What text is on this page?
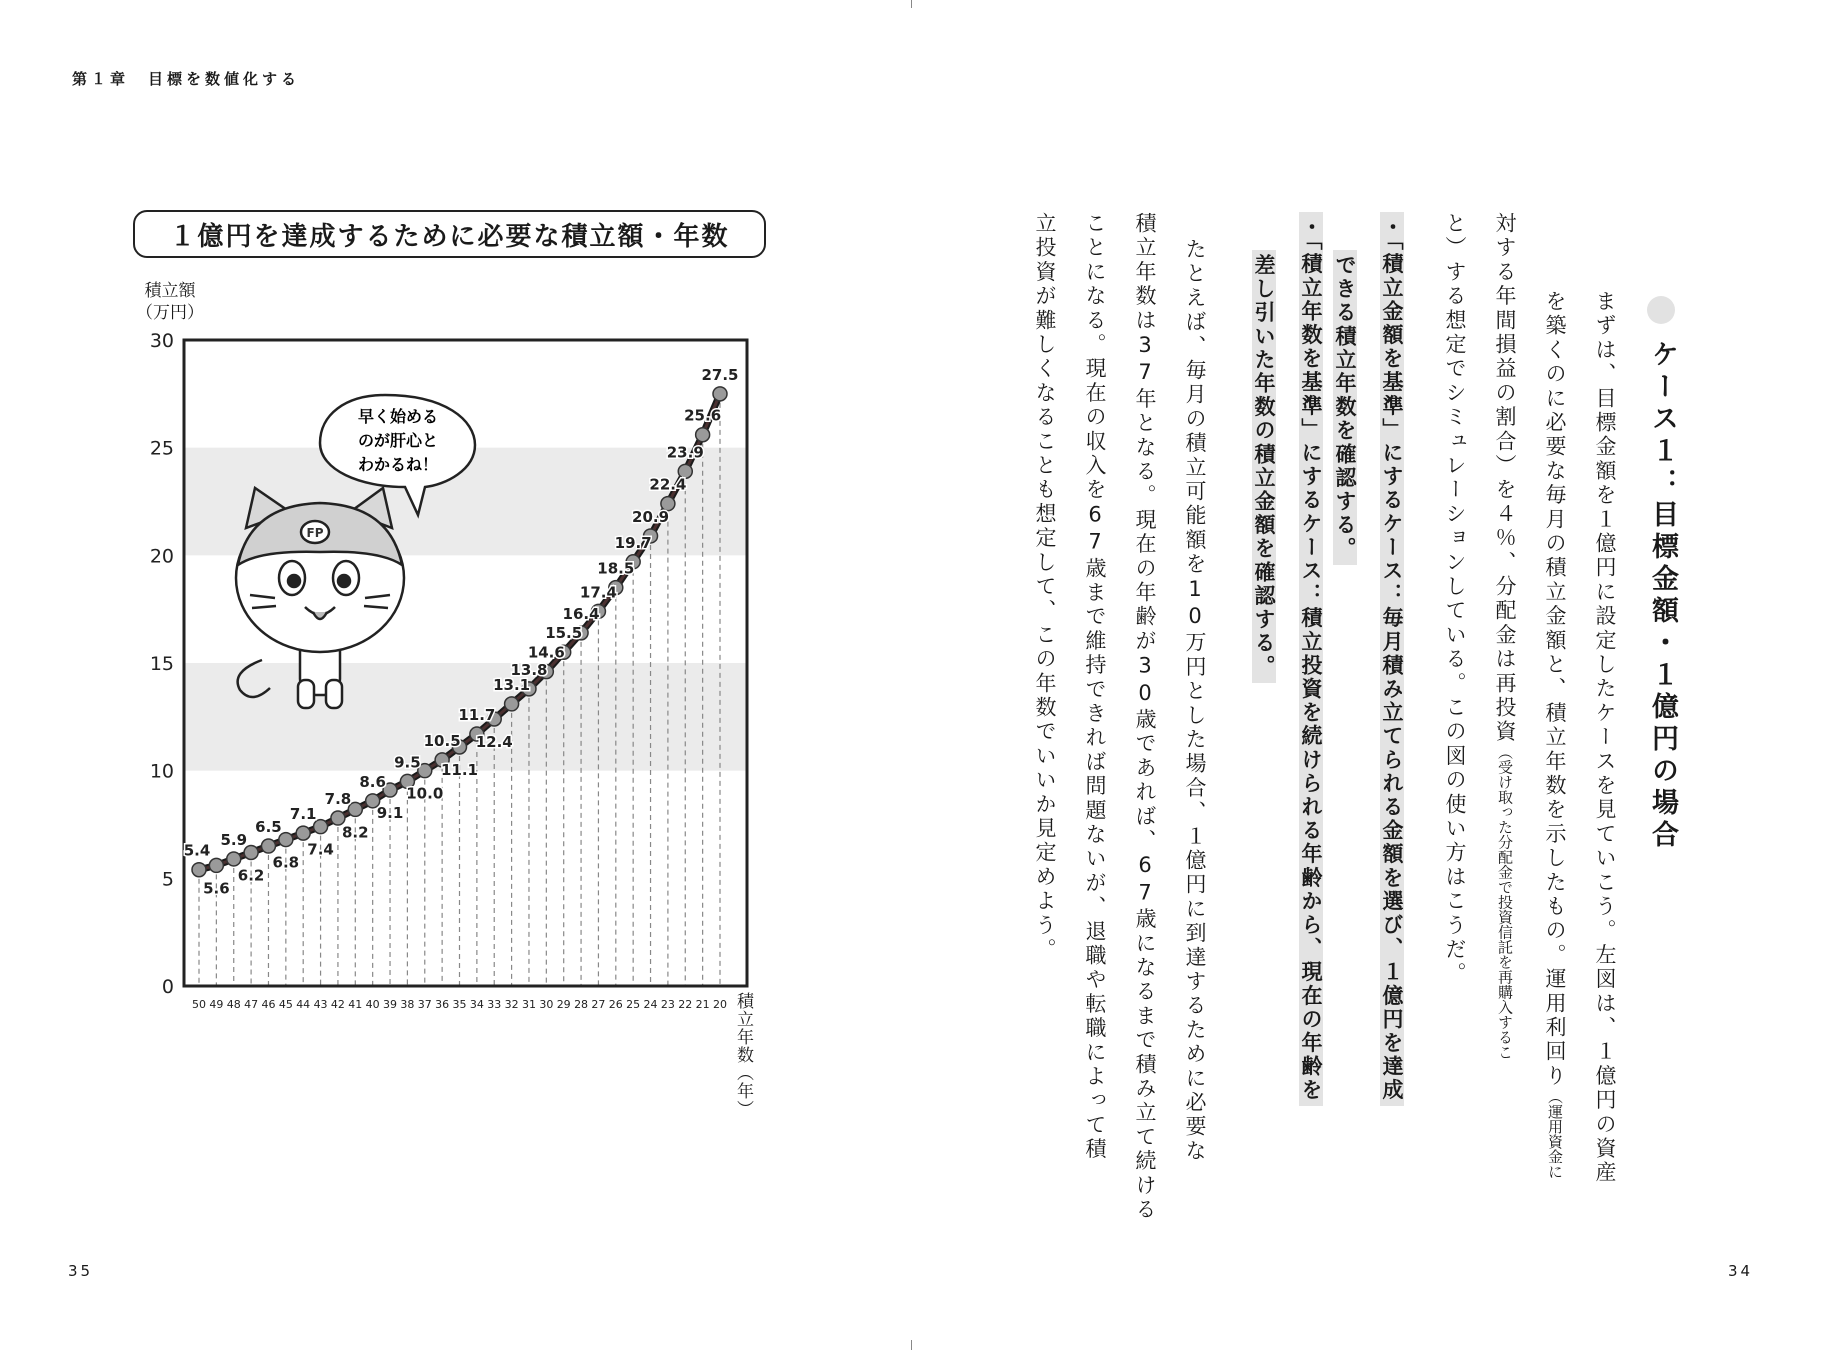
第１章　目標を数値化する
35	34
１億円を達成するために必要な積立額・年数
積立額
（万円）
0
5
10
15
20
25
30
50 49 48 47 46 45 44 43 42 41 40 39 38 37 36 35 34 33 32 31 30 29 28 27 26 25 24 23 22 21 20
FP
早く始める
のが肝心と
わかるね！
5.4
5.6
5.9
6.2
6.5
6.8
7.1
7.4
7.8
8.2
8.6
9.1
9.5
10.0
10.5
11.1
11.7
12.4
13.1
13.8
14.6
15.5
16.4
17.4
18.5
19.7
20.9
22.4
23.9
25.6
27.5
積立年数（年）
ケース１：目標金額・１億円の場合
まずは、目標金額を１億円に設定したケースを見ていこう。左図は、１億円の資産
を築くのに必要な毎月の積立金額と、積立年数を示したもの。運用利回り（運用資金に
対する年間損益の割合）を４％、分配金は再投資（受け取った分配金で投資信託を再購入するこ
と）する想定でシミュレーションしている。この図の使い方はこうだ。
・「積立金額を基準」にするケース：毎月積み立てられる金額を選び、１億円を達成
できる積立年数を確認する。
・「積立年数を基準」にするケース：積立投資を続けられる年齢から、現在の年齢を
差し引いた年数の積立金額を確認する。
たとえば、毎月の積立可能額を10万円とした場合、１億円に到達するために必要な
積立年数は37年となる。現在の年齢が30歳であれば、67歳になるまで積み立て続ける
ことになる。現在の収入を67歳まで維持できれば問題ないが、退職や転職によって積
立投資が難しくなることも想定して、この年数でいいか見定めよう。
